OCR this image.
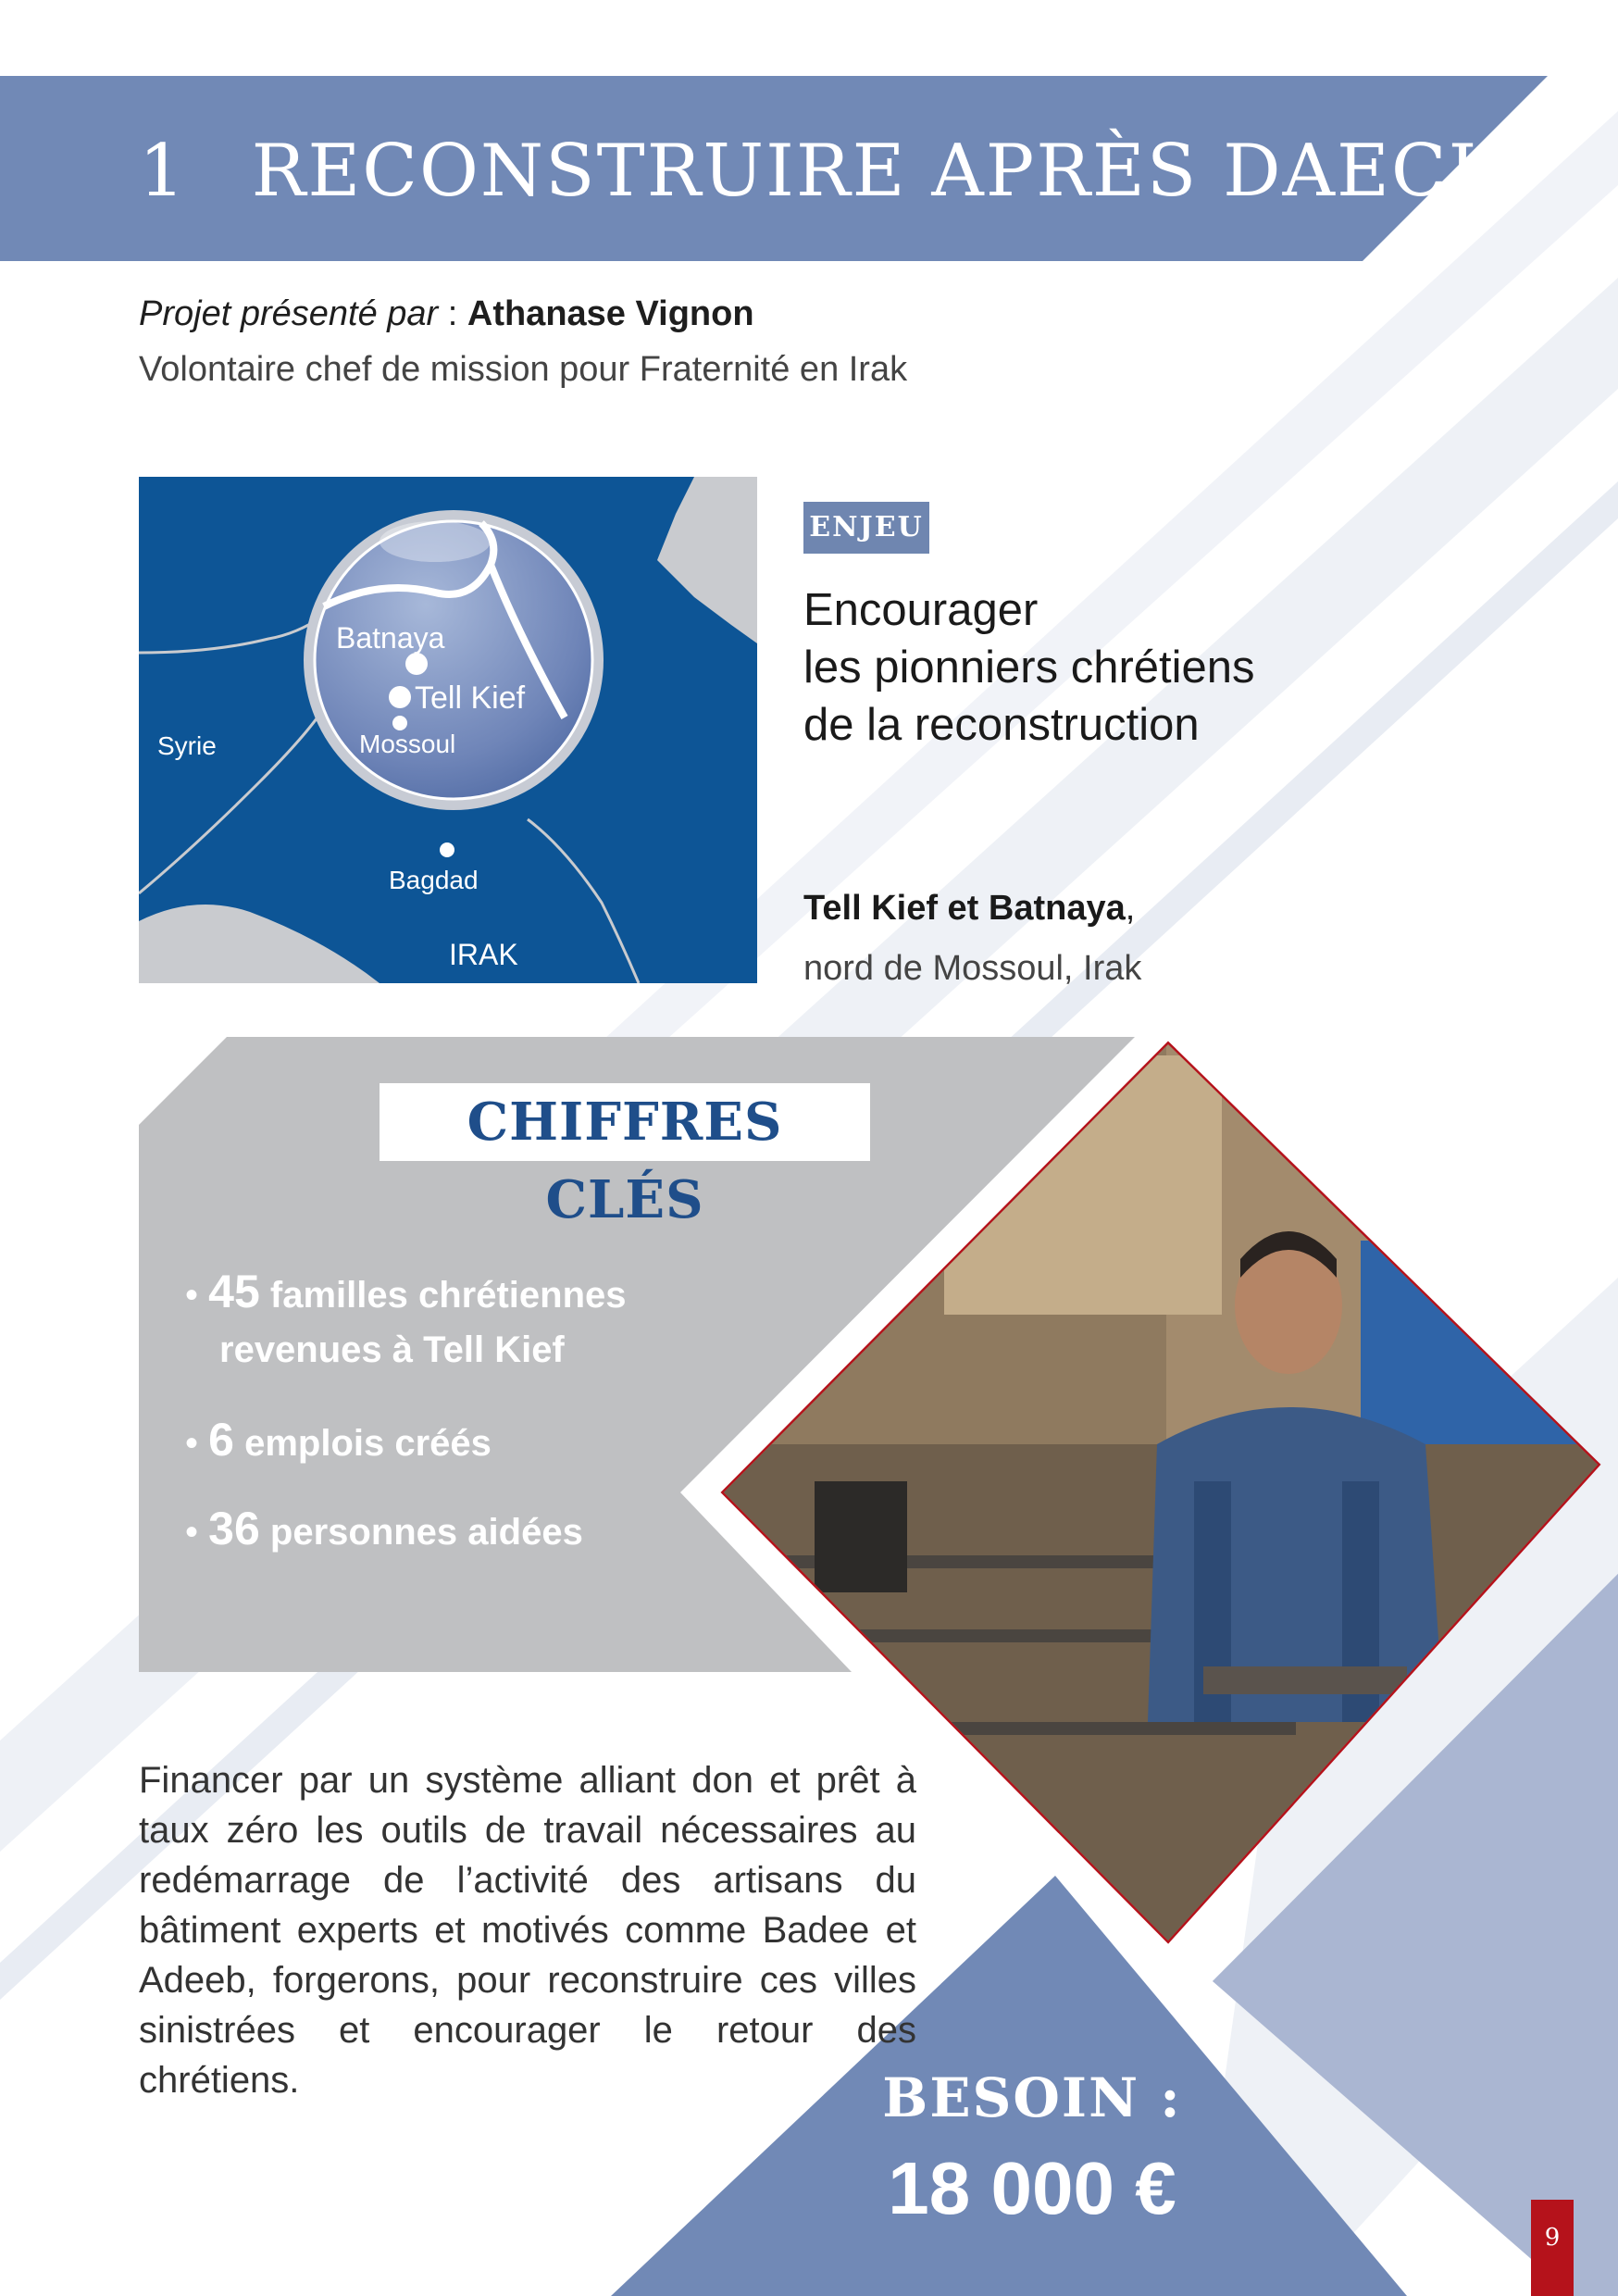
1 RECONSTRUIRE APRÈS DAECH
Projet présenté par : Athanase Vignon
Volontaire chef de mission pour Fraternité en Irak
Batnaya
Tell Kief
Mossoul
Syrie
Bagdad
IRAK
ENJEU
Encourager
les pionniers chrétiens
de la reconstruction
Tell Kief et Batnaya,
nord de Mossoul, Irak
CHIFFRES CLÉS
• 45 familles chrétiennes
revenues à Tell Kief
• 6 emplois créés
• 36 personnes aidées
Financer par un système alliant don et prêt à taux zéro les outils de travail nécessaires au redémarrage de l’activité des artisans du bâtiment experts et motivés comme Badee et Adeeb, forgerons, pour reconstruire ces villes sinistrées et encourager le retour des chrétiens.	BESOIN :
18 000 €
9
